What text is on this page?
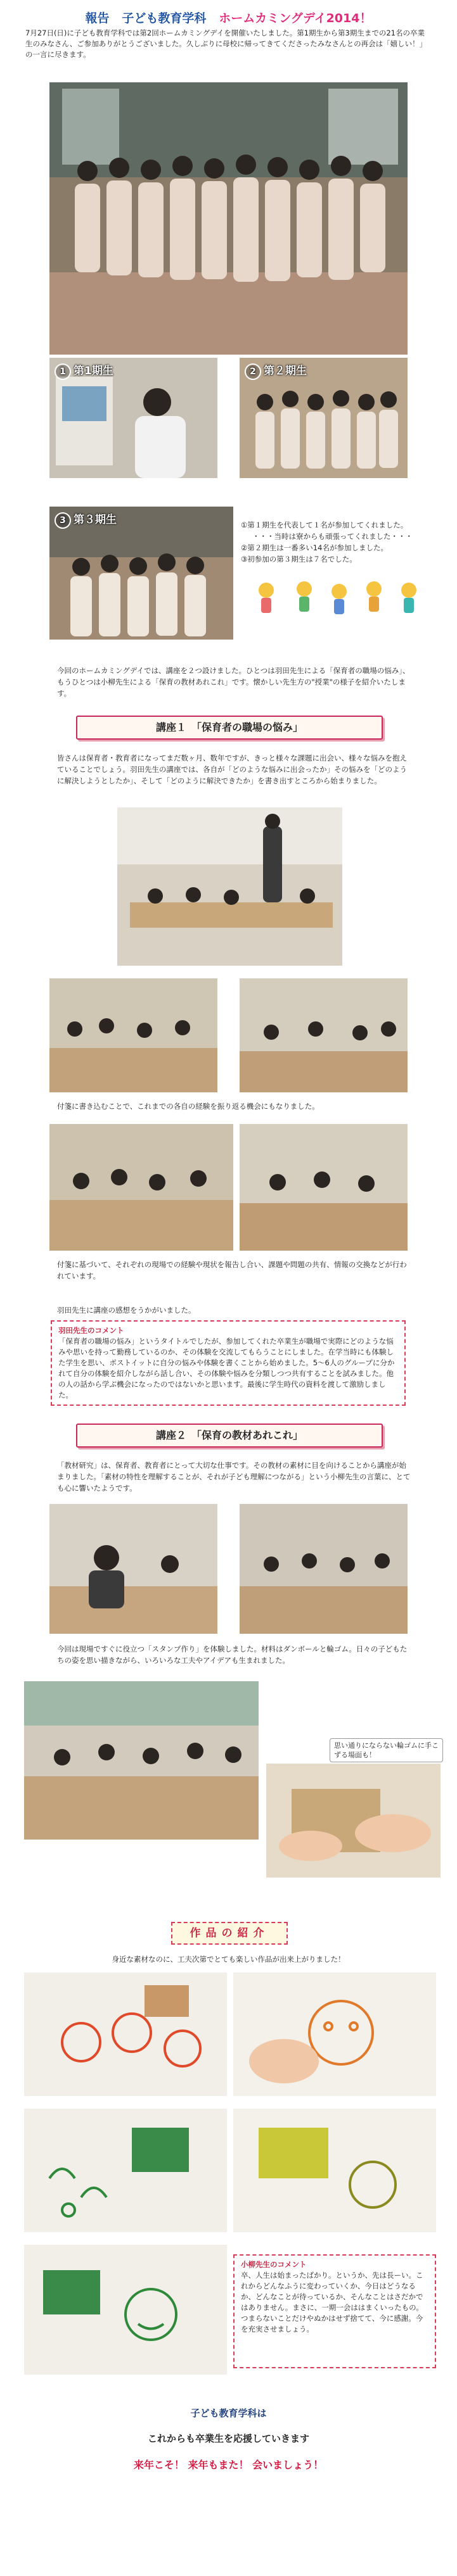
報告 子ども教育学科 ホームカミングデイ2014！
7月27日(日)に子ども教育学科では第2回ホームカミングデイを開催いたしました。第1期生から第3期生までの21名の卒業生のみなさん、ご参加ありがとうございました。久しぶりに母校に帰ってきてくださったみなさんとの再会は「嬉しい！」の一言に尽きます。
1 第1期生	2 第２期生
3 第３期生	①第１期生を代表して１名が参加してくれました。
・・・当時は寮からも頑張ってくれました・・・
②第２期生は一番多い14名が参加しました。
③初参加の第３期生は７名でした。
今回のホームカミングデイでは、講座を２つ設けました。ひとつは羽田先生による「保育者の職場の悩み」、もうひとつは小柳先生による「保育の教材あれこれ」です。懐かしい先生方の"授業"の様子を紹介いたします。
講座１　「保育者の職場の悩み」
皆さんは保育者・教育者になってまだ数ヶ月、数年ですが、きっと様々な課題に出会い、様々な悩みを抱えていることでしょう。羽田先生の講座では、各自が「どのような悩みに出会ったか」その悩みを「どのように解決しようとしたか」、そして「どのように解決できたか」を書き出すところから始まりました。
付箋に書き込むことで、これまでの各自の経験を振り返る機会にもなりました。
付箋に基づいて、それぞれの現場での経験や現状を報告し合い、課題や問題の共有、情報の交換などが行われています。
羽田先生に講座の感想をうかがいました。
羽田先生のコメント
「保育者の職場の悩み」というタイトルでしたが、参加してくれた卒業生が職場で実際にどのような悩みや思いを持って勤務しているのか、その体験を交流してもらうことにしました。在学当時にも体験した学生を思い、ポストイットに自分の悩みや体験を書くことから始めました。5〜6人のグループに分かれて自分の体験を紹介しながら話し合い、その体験や悩みを分類しつつ共有することを試みました。他の人の話から学ぶ機会になったのではないかと思います。最後に学生時代の資料を渡して激励しました。
講座２　「保育の教材あれこれ」
「教材研究」は、保育者、教育者にとって大切な仕事です。その教材の素材に目を向けることから講座が始まりました。「素材の特性を理解することが、それが子ども理解につながる」という小柳先生の言葉に、とても心に響いたようです。
今回は現場ですぐに役立つ「スタンプ作り」を体験しました。材料はダンボールと輪ゴム。日々の子どもたちの姿を思い描きながら、いろいろな工夫やアイデアも生まれました。
思い通りにならない輪ゴムに手こずる場面も！
作品の紹介
身近な素材なのに、工夫次第でとても楽しい作品が出来上がりました！
小柳先生のコメント
卒、人生は始まったばかり。というか、先は長ーい。これからどんなふうに変わっていくか、今日はどうなるか、どんなことが待っているか、そんなことはさだかではありません。まさに、一期一会ははまくいったもの。つまらないことだけやぬかはせず捨てて、今に感謝。今を充実させましょう。
子ども教育学科は
これからも卒業生を応援していきます
来年こそ！ 来年もまた！ 会いましょう！
